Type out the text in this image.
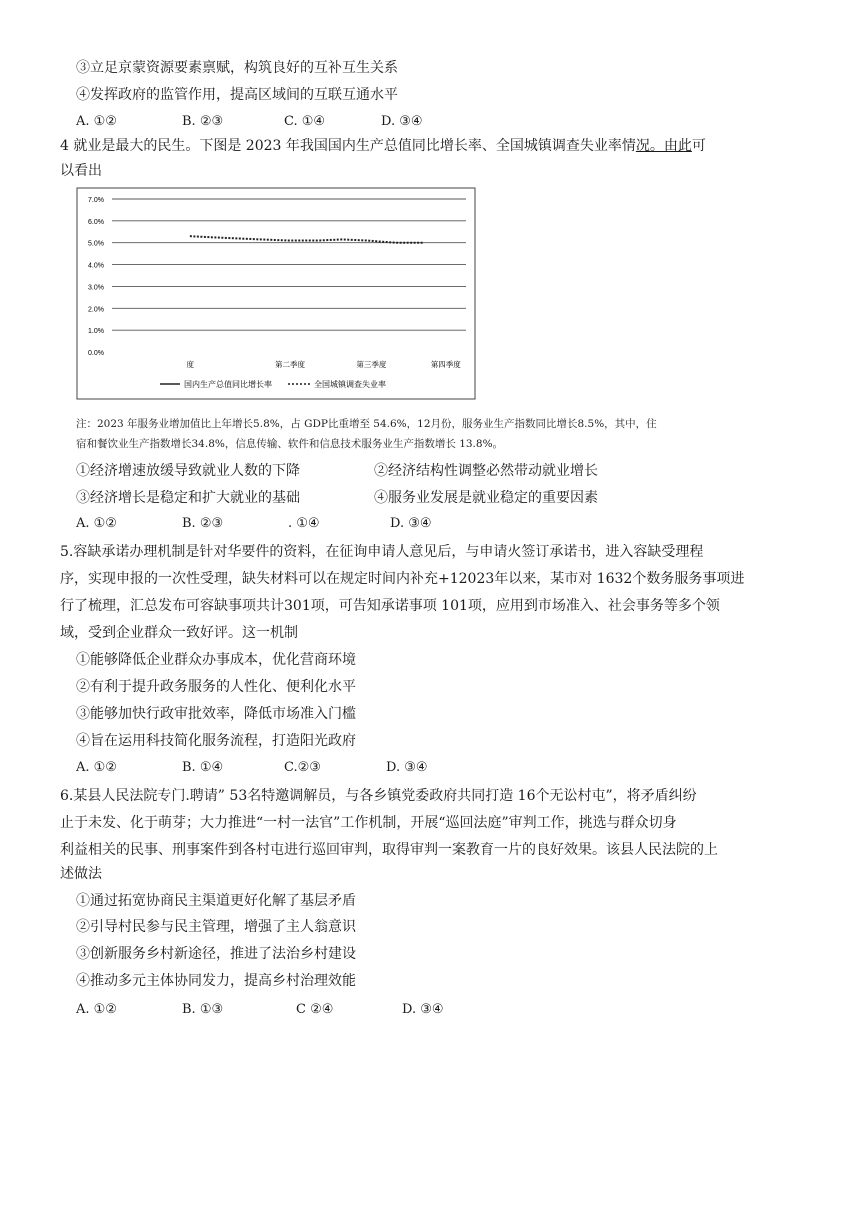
③立足京蒙资源要素禀赋，构筑良好的互补互生关系
④发挥政府的监管作用，提高区域间的互联互通水平
A. ①②	B. ②③	C. ①④	D. ③④
4 就业是最大的民生。下图是 2023 年我国国内生产总值同比增长率、全国城镇调查失业率情况。由此可
以看出
7.0%
6.0%
5.0%
4.0%
3.0%
2.0%
1.0%
0.0%
度	第二季度	第三季度	第四季度
国内生产总值同比增长率	全国城镇调查失业率
注：2023 年服务业增加值比上年增长5.8%，占 GDP比重增至 54.6%，12月份，服务业生产指数同比增长8.5%，其中，住
宿和餐饮业生产指数增长34.8%，信息传输、软件和信息技术服务业生产指数增长 13.8%。
①经济增速放缓导致就业人数的下降	②经济结构性调整必然带动就业增长
③经济增长是稳定和扩大就业的基础	④服务业发展是就业稳定的重要因素
A. ①②	B. ②③	. ①④	D. ③④
5.容缺承诺办理机制是针对华要件的资料，在征询申请人意见后，与申请火签订承诺书，进入容缺受理程
序，实现申报的一次性受理，缺失材料可以在规定时间内补充+12023年以来，某市对 1632个数务服务事项进
行了梳理，汇总发布可容缺事项共计301项，可告知承诺事项 101项，应用到市场准入、社会事务等多个领
域，受到企业群众一致好评。这一机制
①能够降低企业群众办事成本，优化营商环境
②有利于提升政务服务的人性化、便利化水平
③能够加快行政审批效率，降低市场准入门槛
④旨在运用科技简化服务流程，打造阳光政府
A. ①②	B. ①④	C.②③	D. ③④
6.某县人民法院专门.聘请” 53名特邀调解员，与各乡镇党委政府共同打造 16个无讼村屯”，将矛盾纠纷
止于未发、化于萌芽；大力推进“一村一法官”工作机制，开展“巡回法庭”审判工作，挑选与群众切身
利益相关的民事、刑事案件到各村屯进行巡回审判，取得审判一案教育一片的良好效果。该县人民法院的上
述做法
①通过拓宽协商民主渠道更好化解了基层矛盾
②引导村民参与民主管理，增强了主人翁意识
③创新服务乡村新途径，推进了法治乡村建设
④推动多元主体协同发力，提高乡村治理效能
A. ①②	B. ①③	C ②④	D. ③④
